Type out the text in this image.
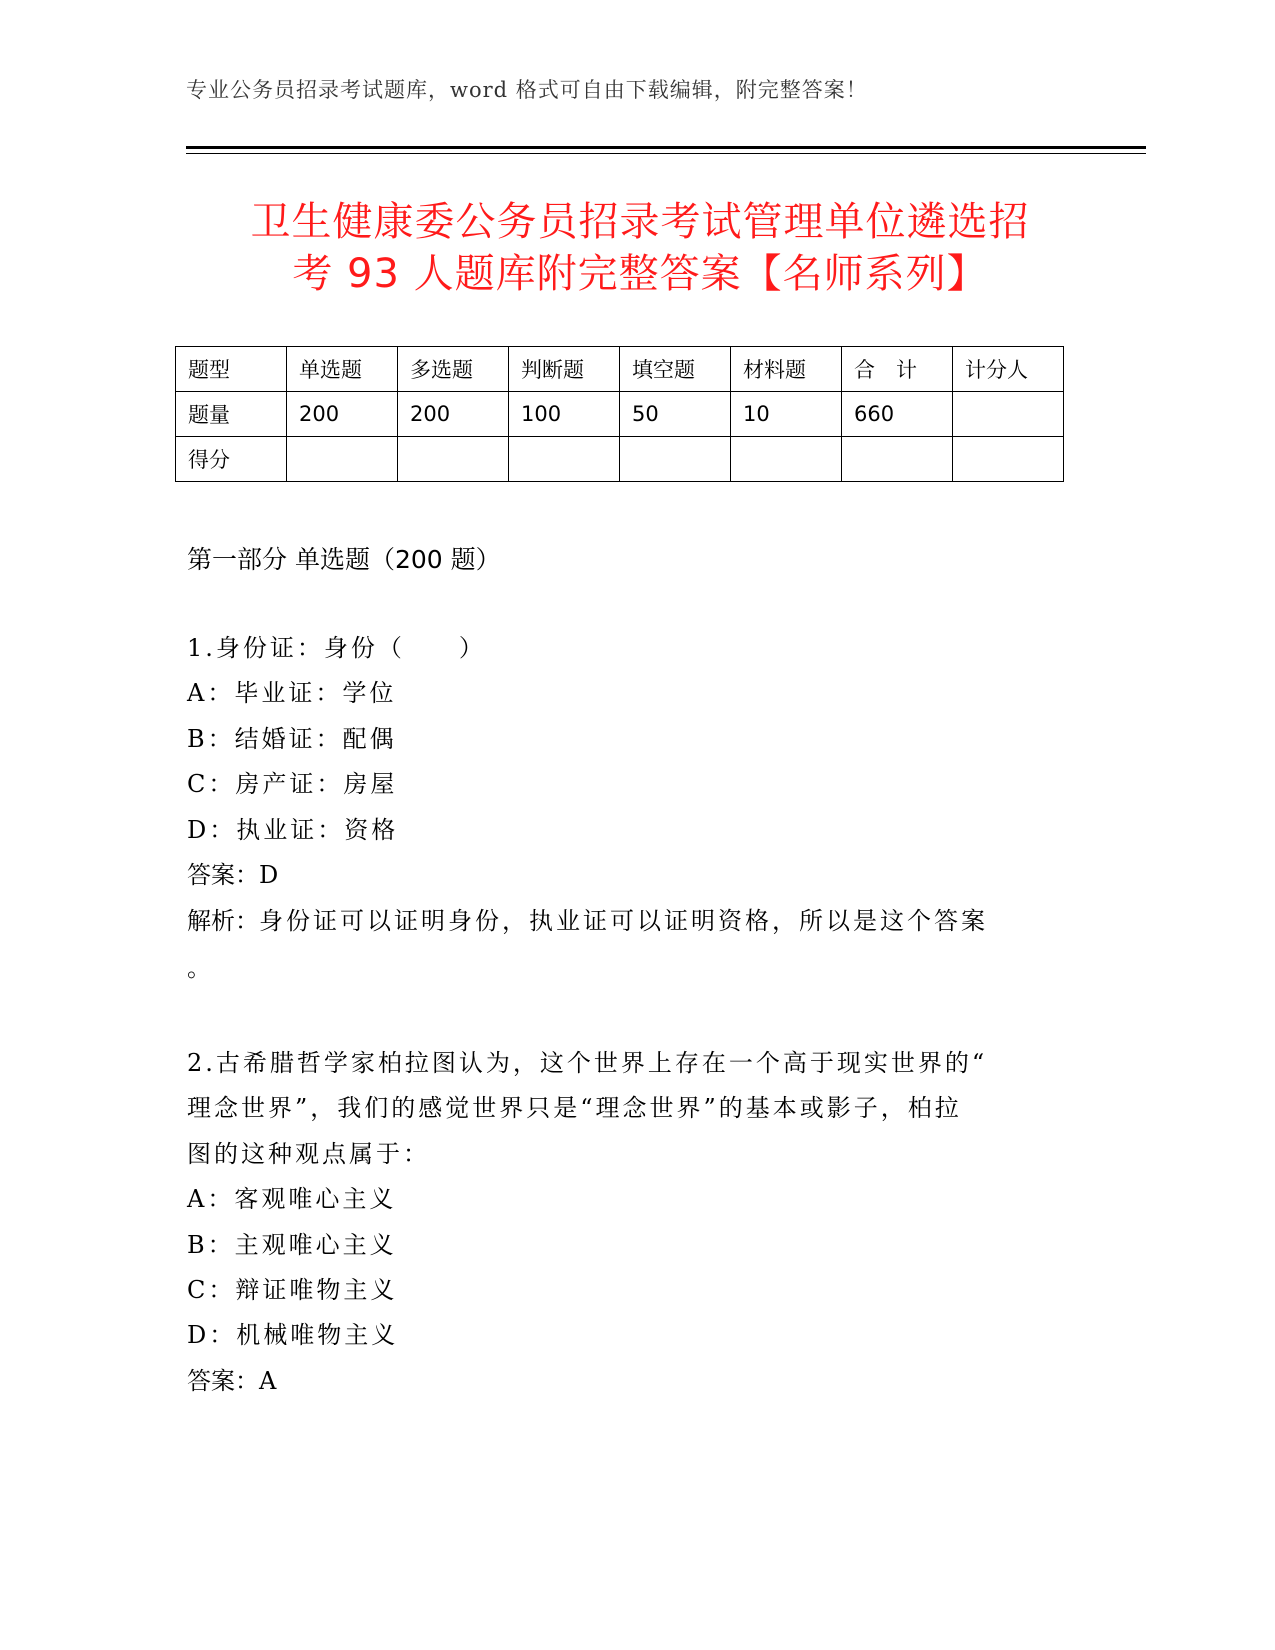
专业公务员招录考试题库，word 格式可自由下载编辑，附完整答案！
卫生健康委公务员招录考试管理单位遴选招
考 93 人题库附完整答案【名师系列】
题型	单选题	多选题	判断题	填空题	材料题	合　计	计分人
题量	200	200	100	50	10	660	
得分							
第一部分 单选题（200 题）

1.身份证：身份（　　）

A：毕业证：学位

B：结婚证：配偶

C：房产证：房屋

D：执业证：资格

答案：D

解析：身份证可以证明身份，执业证可以证明资格，所以是这个答案

。

2.古希腊哲学家柏拉图认为，这个世界上存在一个高于现实世界的“

理念世界”，我们的感觉世界只是“理念世界”的基本或影子，柏拉

图的这种观点属于：

A：客观唯心主义

B：主观唯心主义

C：辩证唯物主义

D：机械唯物主义

答案：A
